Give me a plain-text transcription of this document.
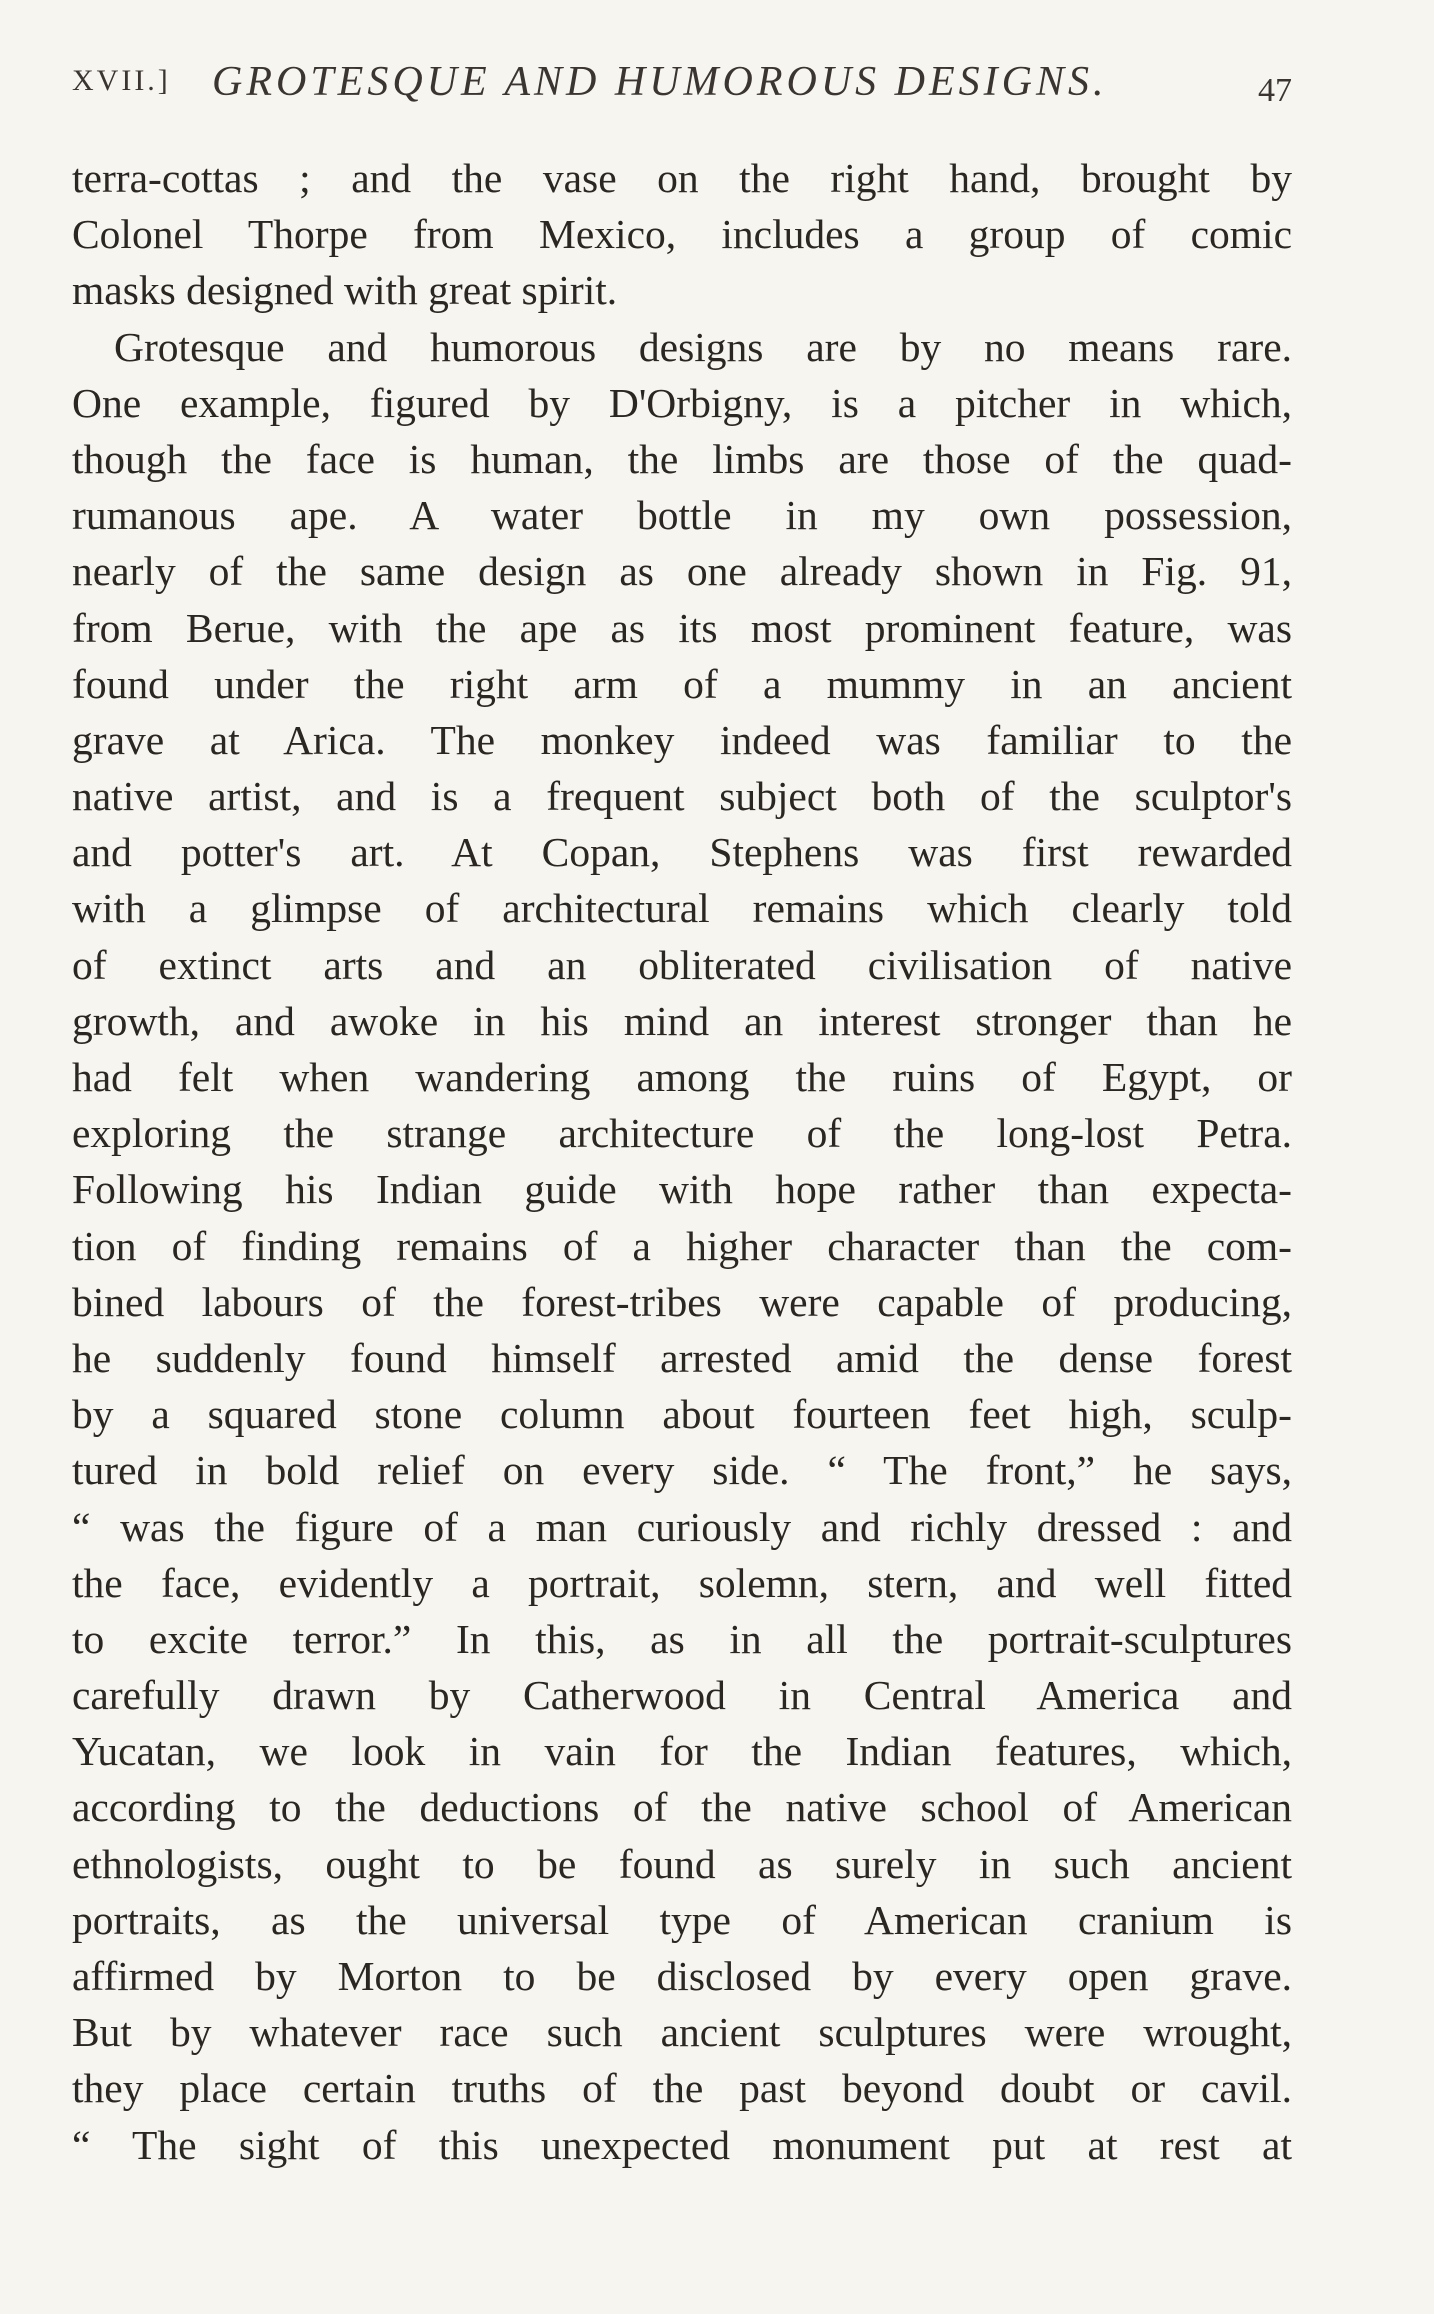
XVII.] GROTESQUE AND HUMOROUS DESIGNS.	47
terra-cottas ; and the vase on the right hand, brought by
Colonel Thorpe from Mexico, includes a group of comic
masks designed with great spirit.
Grotesque and humorous designs are by no means rare.
One example, figured by D'Orbigny, is a pitcher in which,
though the face is human, the limbs are those of the quad-
rumanous ape. A water bottle in my own possession,
nearly of the same design as one already shown in Fig. 91,
from Berue, with the ape as its most prominent feature, was
found under the right arm of a mummy in an ancient
grave at Arica. The monkey indeed was familiar to the
native artist, and is a frequent subject both of the sculptor's
and potter's art. At Copan, Stephens was first rewarded
with a glimpse of architectural remains which clearly told
of extinct arts and an obliterated civilisation of native
growth, and awoke in his mind an interest stronger than he
had felt when wandering among the ruins of Egypt, or
exploring the strange architecture of the long-lost Petra.
Following his Indian guide with hope rather than expecta-
tion of finding remains of a higher character than the com-
bined labours of the forest-tribes were capable of producing,
he suddenly found himself arrested amid the dense forest
by a squared stone column about fourteen feet high, sculp-
tured in bold relief on every side. “ The front,” he says,
“ was the figure of a man curiously and richly dressed : and
the face, evidently a portrait, solemn, stern, and well fitted
to excite terror.” In this, as in all the portrait-sculptures
carefully drawn by Catherwood in Central America and
Yucatan, we look in vain for the Indian features, which,
according to the deductions of the native school of American
ethnologists, ought to be found as surely in such ancient
portraits, as the universal type of American cranium is
affirmed by Morton to be disclosed by every open grave.
But by whatever race such ancient sculptures were wrought,
they place certain truths of the past beyond doubt or cavil.
“ The sight of this unexpected monument put at rest at
